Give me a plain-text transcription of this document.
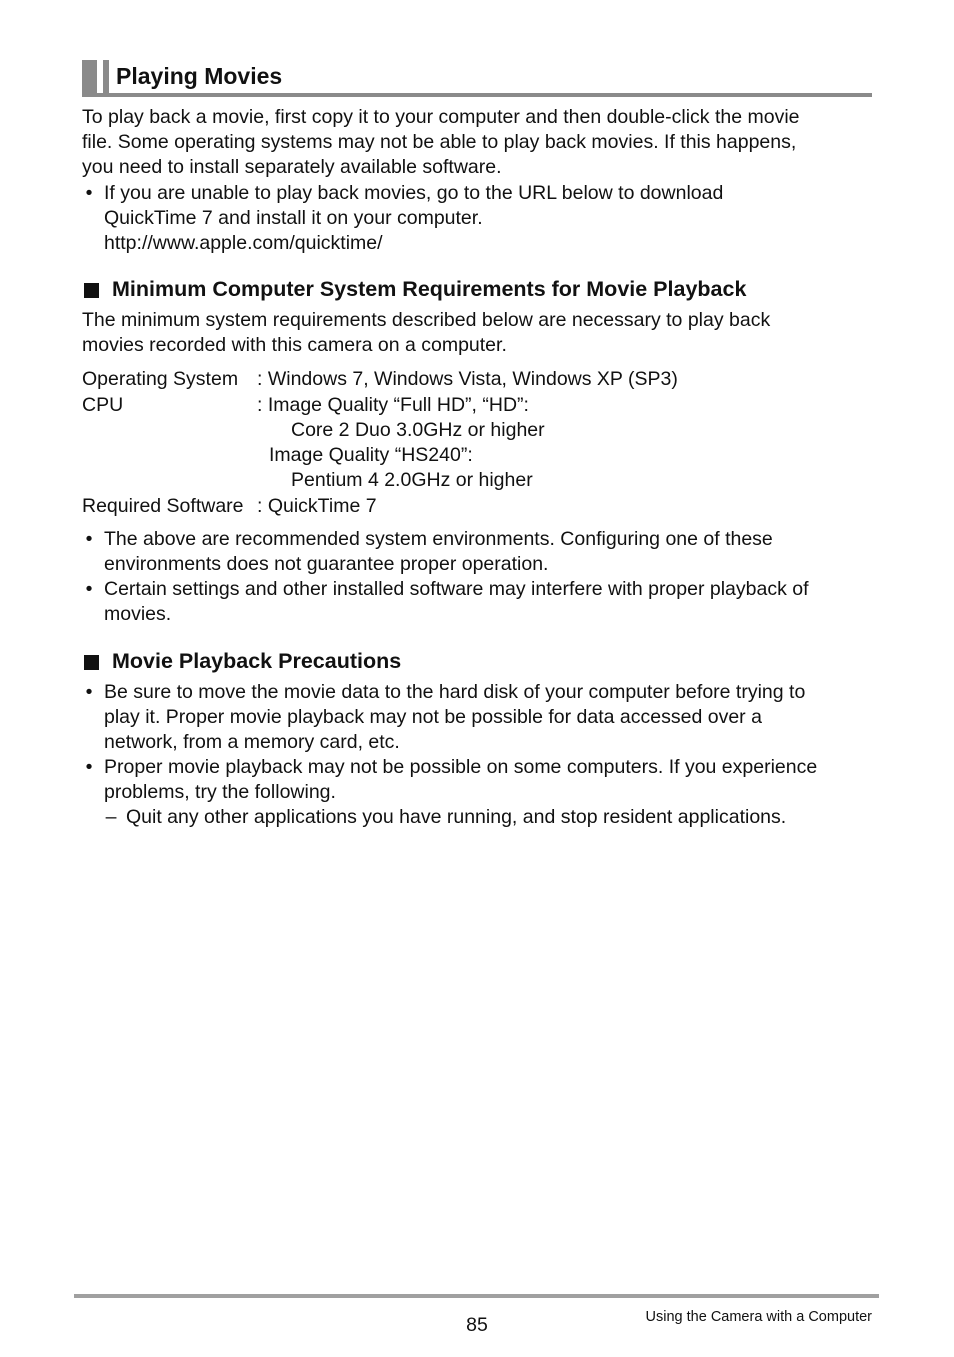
Playing Movies
To play back a movie, first copy it to your computer and then double-click the movie
file. Some operating systems may not be able to play back movies. If this happens,
you need to install separately available software.
• If you are unable to play back movies, go to the URL below to download
QuickTime 7 and install it on your computer.
http://www.apple.com/quicktime/
Minimum Computer System Requirements for Movie Playback
The minimum system requirements described below are necessary to play back
movies recorded with this camera on a computer.
Operating System : Windows 7, Windows Vista, Windows XP (SP3)
CPU	: Image Quality “Full HD”, “HD”:
Core 2 Duo 3.0GHz or higher
Image Quality “HS240”:
Pentium 4 2.0GHz or higher
Required Software : QuickTime 7
• The above are recommended system environments. Configuring one of these
environments does not guarantee proper operation.
• Certain settings and other installed software may interfere with proper playback of
movies.
Movie Playback Precautions
• Be sure to move the movie data to the hard disk of your computer before trying to
play it. Proper movie playback may not be possible for data accessed over a
network, from a memory card, etc.
• Proper movie playback may not be possible on some computers. If you experience
problems, try the following.
– Quit any other applications you have running, and stop resident applications.
85	Using the Camera with a Computer
